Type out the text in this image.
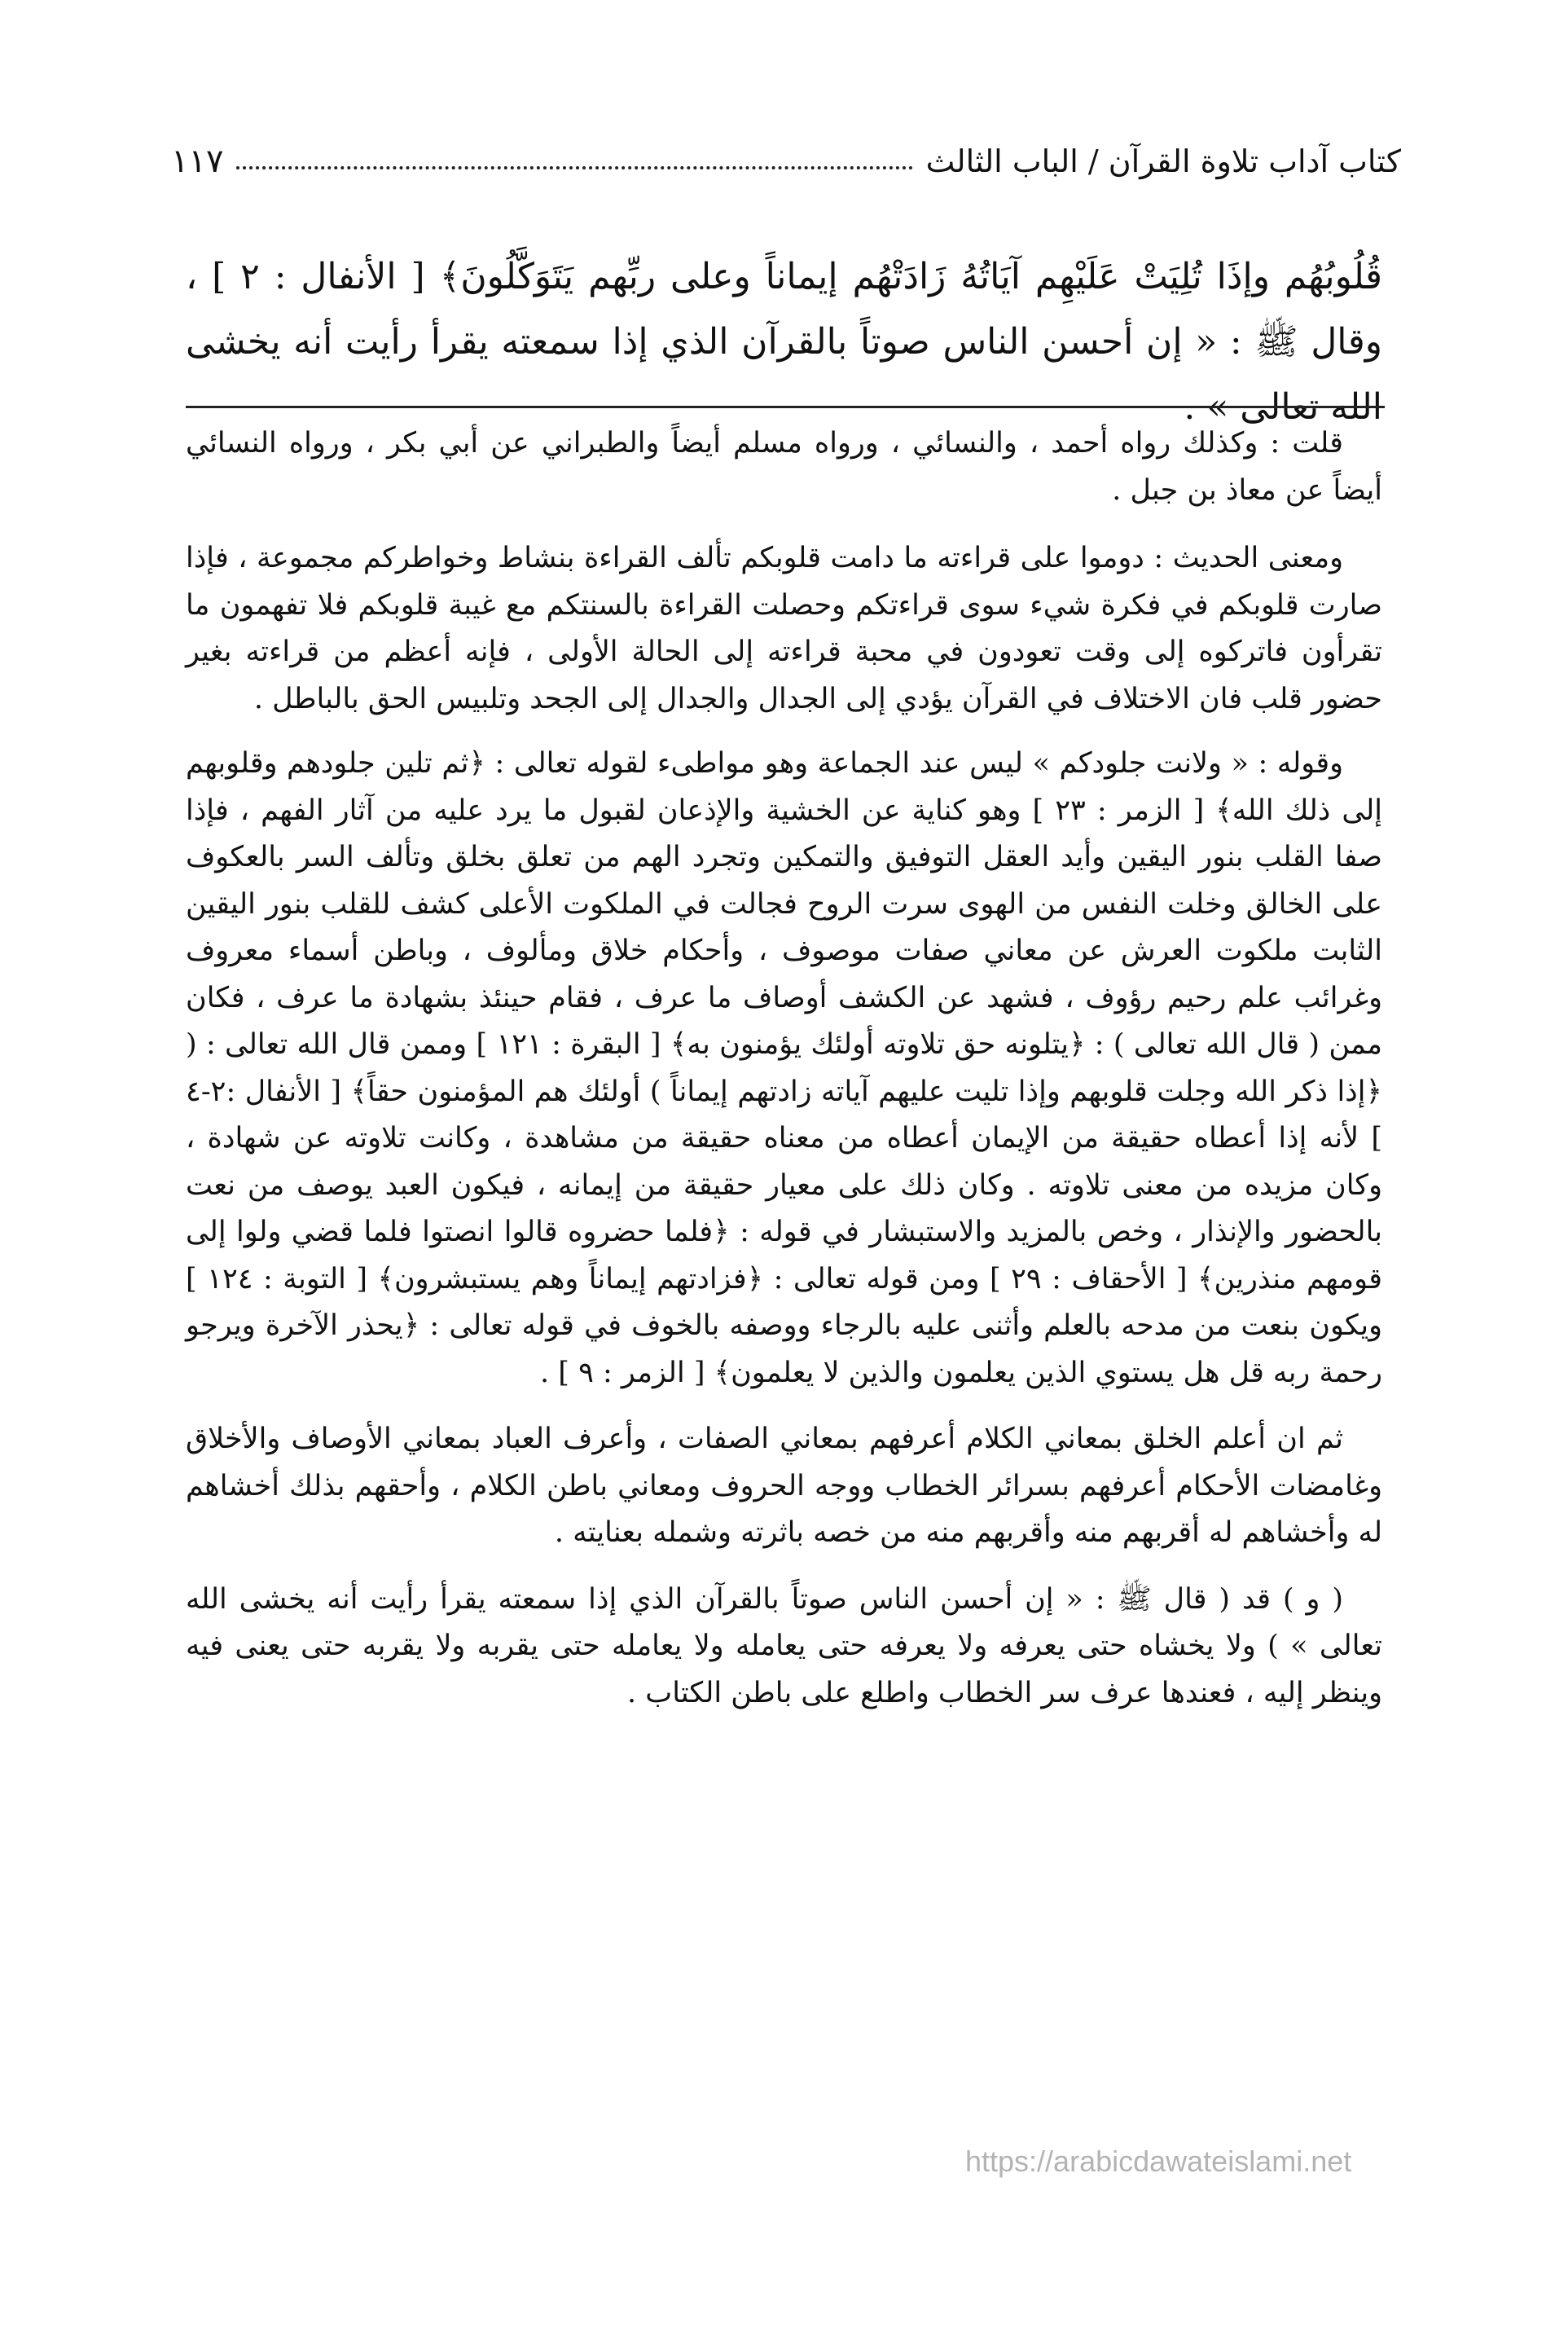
كتاب آداب تلاوة القرآن / الباب الثالث
١١٧
قُلُوبُهُم وإذَا تُلِيَتْ عَلَيْهِم آيَاتُهُ زَادَتْهُم إيماناً وعلى ربِّهم يَتَوَكَّلُونَ﴾ [ الأنفال : ٢ ] ، وقال ﷺ : « إن أحسن الناس صوتاً بالقرآن الذي إذا سمعته يقرأ رأيت أنه يخشى الله تعالى » .

قلت : وكذلك رواه أحمد ، والنسائي ، ورواه مسلم أيضاً والطبراني عن أبي بكر ، ورواه النسائي أيضاً عن معاذ بن جبل .

ومعنى الحديث : دوموا على قراءته ما دامت قلوبكم تألف القراءة بنشاط وخواطركم مجموعة ، فإذا صارت قلوبكم في فكرة شيء سوى قراءتكم وحصلت القراءة بالسنتكم مع غيبة قلوبكم فلا تفهمون ما تقرأون فاتركوه إلى وقت تعودون في محبة قراءته إلى الحالة الأولى ، فإنه أعظم من قراءته بغير حضور قلب فان الاختلاف في القرآن يؤدي إلى الجدال والجدال إلى الجحد وتلبيس الحق بالباطل .

وقوله : « ولانت جلودكم » ليس عند الجماعة وهو مواطىء لقوله تعالى : ﴿ثم تلين جلودهم وقلوبهم إلى ذلك الله﴾ [ الزمر : ٢٣ ] وهو كناية عن الخشية والإذعان لقبول ما يرد عليه من آثار الفهم ، فإذا صفا القلب بنور اليقين وأيد العقل التوفيق والتمكين وتجرد الهم من تعلق بخلق وتألف السر بالعكوف على الخالق وخلت النفس من الهوى سرت الروح فجالت في الملكوت الأعلى كشف للقلب بنور اليقين الثابت ملكوت العرش عن معاني صفات موصوف ، وأحكام خلاق ومألوف ، وباطن أسماء معروف وغرائب علم رحيم رؤوف ، فشهد عن الكشف أوصاف ما عرف ، فقام حينئذ بشهادة ما عرف ، فكان ممن ( قال الله تعالى ) : ﴿يتلونه حق تلاوته أولئك يؤمنون به﴾ [ البقرة : ١٢١ ] وممن قال الله تعالى : ( ﴿إذا ذكر الله وجلت قلوبهم وإذا تليت عليهم آياته زادتهم إيماناً ) أولئك هم المؤمنون حقاً﴾ [ الأنفال :٢-٤ ] لأنه إذا أعطاه حقيقة من الإيمان أعطاه من معناه حقيقة من مشاهدة ، وكانت تلاوته عن شهادة ، وكان مزيده من معنى تلاوته . وكان ذلك على معيار حقيقة من إيمانه ، فيكون العبد يوصف من نعت بالحضور والإنذار ، وخص بالمزيد والاستبشار في قوله : ﴿فلما حضروه قالوا انصتوا فلما قضي ولوا إلى قومهم منذرين﴾ [ الأحقاف : ٢٩ ] ومن قوله تعالى : ﴿فزادتهم إيماناً وهم يستبشرون﴾ [ التوبة : ١٢٤ ] ويكون بنعت من مدحه بالعلم وأثنى عليه بالرجاء ووصفه بالخوف في قوله تعالى : ﴿يحذر الآخرة ويرجو رحمة ربه قل هل يستوي الذين يعلمون والذين لا يعلمون﴾ [ الزمر : ٩ ] .

ثم ان أعلم الخلق بمعاني الكلام أعرفهم بمعاني الصفات ، وأعرف العباد بمعاني الأوصاف والأخلاق وغامضات الأحكام أعرفهم بسرائر الخطاب ووجه الحروف ومعاني باطن الكلام ، وأحقهم بذلك أخشاهم له وأخشاهم له أقربهم منه وأقربهم منه من خصه باثرته وشمله بعنايته .

( و ) قد ( قال ﷺ : « إن أحسن الناس صوتاً بالقرآن الذي إذا سمعته يقرأ رأيت أنه يخشى الله تعالى » ) ولا يخشاه حتى يعرفه ولا يعرفه حتى يعامله ولا يعامله حتى يقربه ولا يقربه حتى يعنى فيه وينظر إليه ، فعندها عرف سر الخطاب واطلع على باطن الكتاب .

https://arabicdawateislami.net
